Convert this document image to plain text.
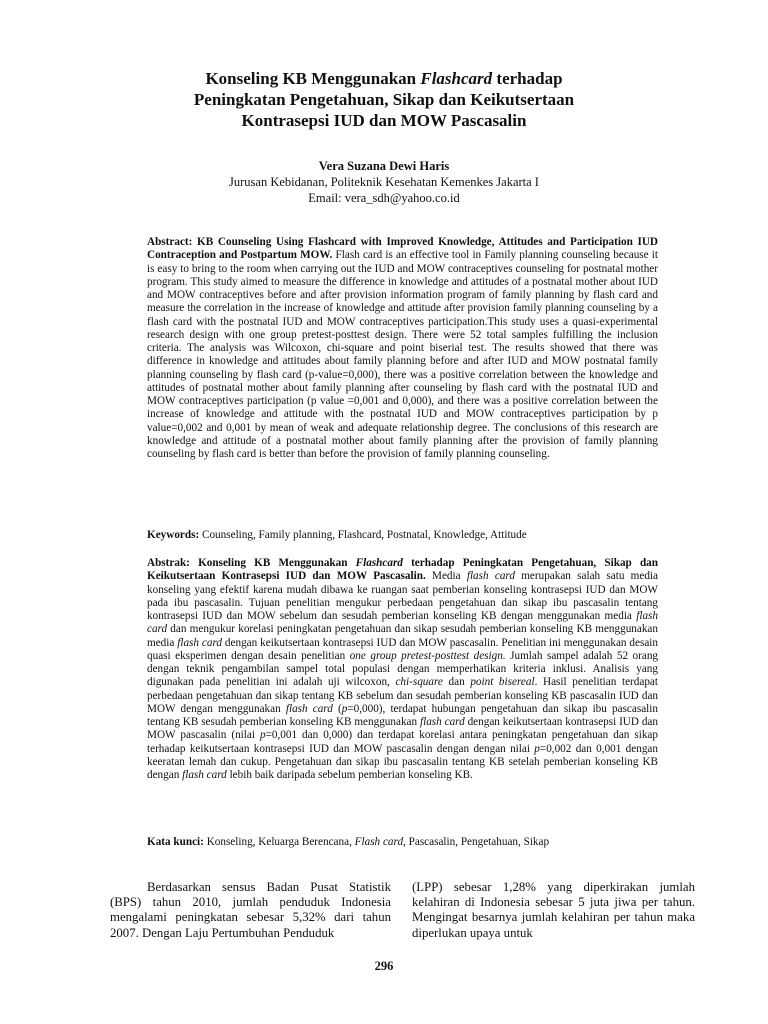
Konseling KB Menggunakan Flashcard terhadap
Peningkatan Pengetahuan, Sikap dan Keikutsertaan
Kontrasepsi IUD dan MOW Pascasalin
Vera Suzana Dewi Haris
Jurusan Kebidanan, Politeknik Kesehatan Kemenkes Jakarta I
Email: vera_sdh@yahoo.co.id
Abstract: KB Counseling Using Flashcard with Improved Knowledge, Attitudes and Participation IUD Contraception and Postpartum MOW. Flash card is an effective tool in Family planning counseling because it is easy to bring to the room when carrying out the IUD and MOW contraceptives counseling for postnatal mother program. This study aimed to measure the difference in knowledge and attitudes of a postnatal mother about IUD and MOW contraceptives before and after provision information program of family planning by flash card and measure the correlation in the increase of knowledge and attitude after provision family planning counseling by a flash card with the postnatal IUD and MOW contraceptives participation.This study uses a quasi-experimental research design with one group pretest-posttest design. There were 52 total samples fulfilling the inclusion criteria. The analysis was Wilcoxon, chi-square and point biserial test. The results showed that there was difference in knowledge and attitudes about family planning before and after IUD and MOW postnatal family planning counseling by flash card (p-value=0,000), there was a positive correlation between the knowledge and attitudes of postnatal mother about family planning after counseling by flash card with the postnatal IUD and MOW contraceptives participation (p value =0,001 and 0,000), and there was a positive correlation between the increase of knowledge and attitude with the postnatal IUD and MOW contraceptives participation by p value=0,002 and 0,001 by mean of weak and adequate relationship degree. The conclusions of this research are knowledge and attitude of a postnatal mother about family planning after the provision of family planning counseling by flash card is better than before the provision of family planning counseling.
Keywords: Counseling, Family planning, Flashcard, Postnatal, Knowledge, Attitude
Abstrak: Konseling KB Menggunakan Flashcard terhadap Peningkatan Pengetahuan, Sikap dan Keikutsertaan Kontrasepsi IUD dan MOW Pascasalin. Media flash card merupakan salah satu media konseling yang efektif karena mudah dibawa ke ruangan saat pemberian konseling kontrasepsi IUD dan MOW pada ibu pascasalin. Tujuan penelitian mengukur perbedaan pengetahuan dan sikap ibu pascasalin tentang kontrasepsi IUD dan MOW sebelum dan sesudah pemberian konseling KB dengan menggunakan media flash card dan mengukur korelasi peningkatan pengetahuan dan sikap sesudah pemberian konseling KB menggunakan media flash card dengan keikutsertaan kontrasepsi IUD dan MOW pascasalin. Penelitian ini menggunakan desain quasi eksperimen dengan desain penelitian one group pretest-posttest design. Jumlah sampel adalah 52 orang dengan teknik pengambilan sampel total populasi dengan memperhatikan kriteria inklusi. Analisis yang digunakan pada penelitian ini adalah uji wilcoxon, chi-square dan point bisereal. Hasil penelitian terdapat perbedaan pengetahuan dan sikap tentang KB sebelum dan sesudah pemberian konseling KB pascasalin IUD dan MOW dengan menggunakan flash card (p=0,000), terdapat hubungan pengetahuan dan sikap ibu pascasalin tentang KB sesudah pemberian konseling KB menggunakan flash card dengan keikutsertaan kontrasepsi IUD dan MOW pascasalin (nilai p=0,001 dan 0,000) dan terdapat korelasi antara peningkatan pengetahuan dan sikap terhadap keikutsertaan kontrasepsi IUD dan MOW pascasalin dengan dengan nilai p=0,002 dan 0,001 dengan keeratan lemah dan cukup. Pengetahuan dan sikap ibu pascasalin tentang KB setelah pemberian konseling KB dengan flash card lebih baik daripada sebelum pemberian konseling KB.
Kata kunci: Konseling, Keluarga Berencana, Flash card, Pascasalin, Pengetahuan, Sikap
Berdasarkan sensus Badan Pusat Statistik (BPS) tahun 2010, jumlah penduduk Indonesia mengalami peningkatan sebesar 5,32% dari tahun 2007. Dengan Laju Pertumbuhan Penduduk
(LPP) sebesar 1,28% yang diperkirakan jumlah kelahiran di Indonesia sebesar 5 juta jiwa per tahun. Mengingat besarnya jumlah kelahiran per tahun maka diperlukan upaya untuk
296
